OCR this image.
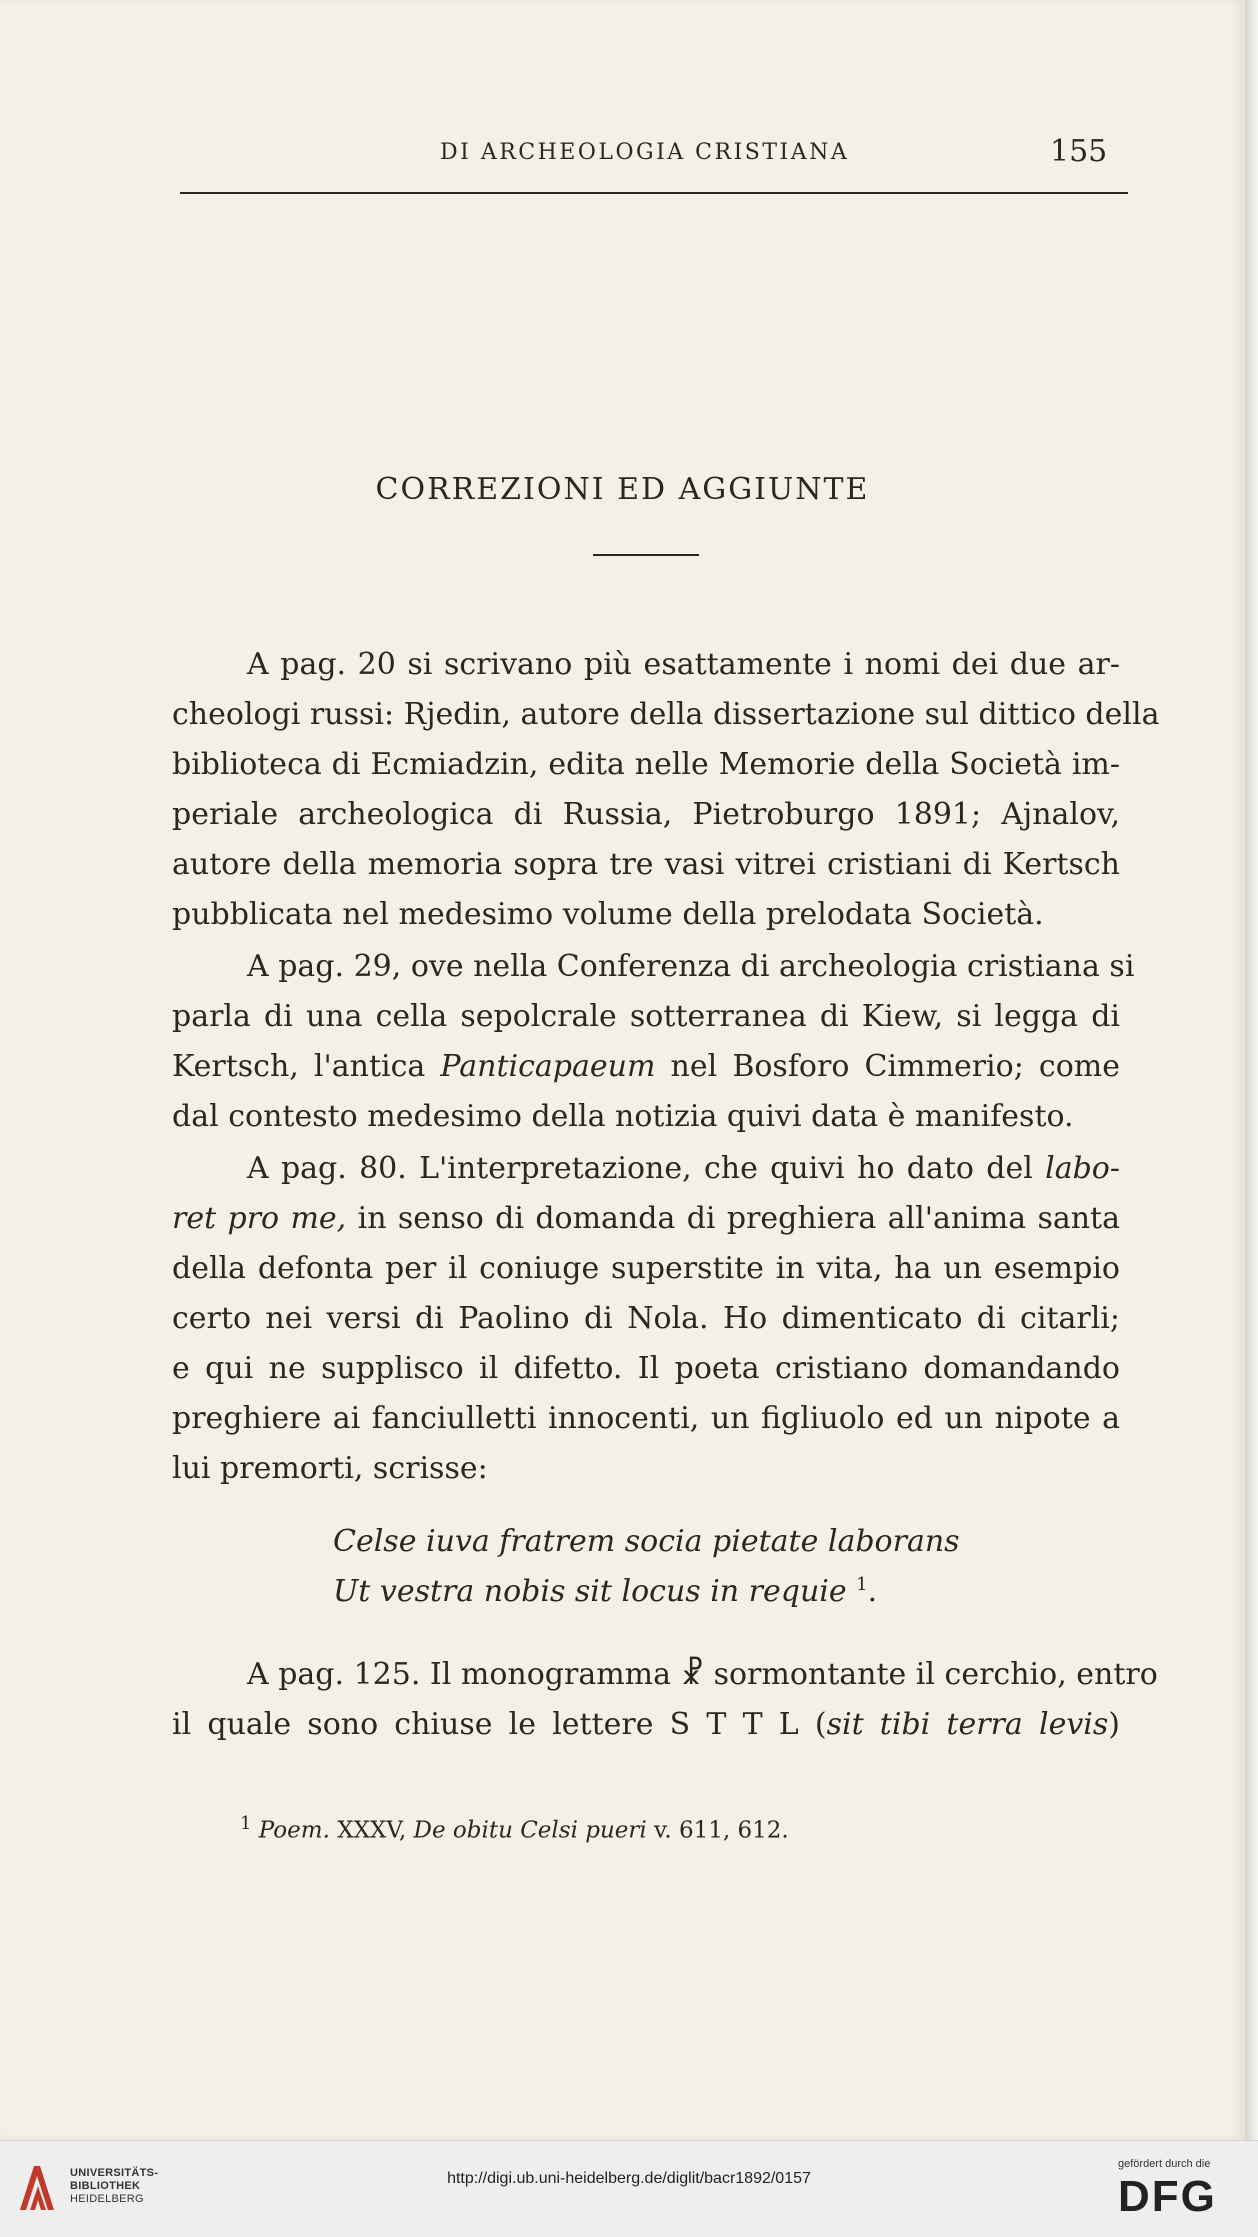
DI ARCHEOLOGIA CRISTIANA	155
CORREZIONI ED AGGIUNTE
A pag. 20 si scrivano più esattamente i nomi dei due ar-
cheologi russi: Rjedin, autore della dissertazione sul dittico della
biblioteca di Ecmiadzin, edita nelle Memorie della Società im-
periale archeologica di Russia, Pietroburgo 1891; Ajnalov,
autore della memoria sopra tre vasi vitrei cristiani di Kertsch
pubblicata nel medesimo volume della prelodata Società.
A pag. 29, ove nella Conferenza di archeologia cristiana si
parla di una cella sepolcrale sotterranea di Kiew, si legga di
Kertsch, l'antica Panticapaeum nel Bosforo Cimmerio; come
dal contesto medesimo della notizia quivi data è manifesto.
A pag. 80. L'interpretazione, che quivi ho dato del labo-
ret pro me, in senso di domanda di preghiera all'anima santa
della defonta per il coniuge superstite in vita, ha un esempio
certo nei versi di Paolino di Nola. Ho dimenticato di citarli;
e qui ne supplisco il difetto. Il poeta cristiano domandando
preghiere ai fanciulletti innocenti, un figliuolo ed un nipote a
lui premorti, scrisse:
Celse iuva fratrem socia pietate laborans
Ut vestra nobis sit locus in requie $^1$.
A pag. 125. Il monogramma ☧ sormontante il cerchio, entro
il quale sono chiuse le lettere S T T L (sit tibi terra levis)
$^1$ Poem. XXXV, De obitu Celsi pueri v. 611, 612.
UNIVERSITÄTS-
BIBLIOTHEK
HEIDELBERG
http://digi.ub.uni-heidelberg.de/diglit/bacr1892/0157
gefördert durch die
DFG
